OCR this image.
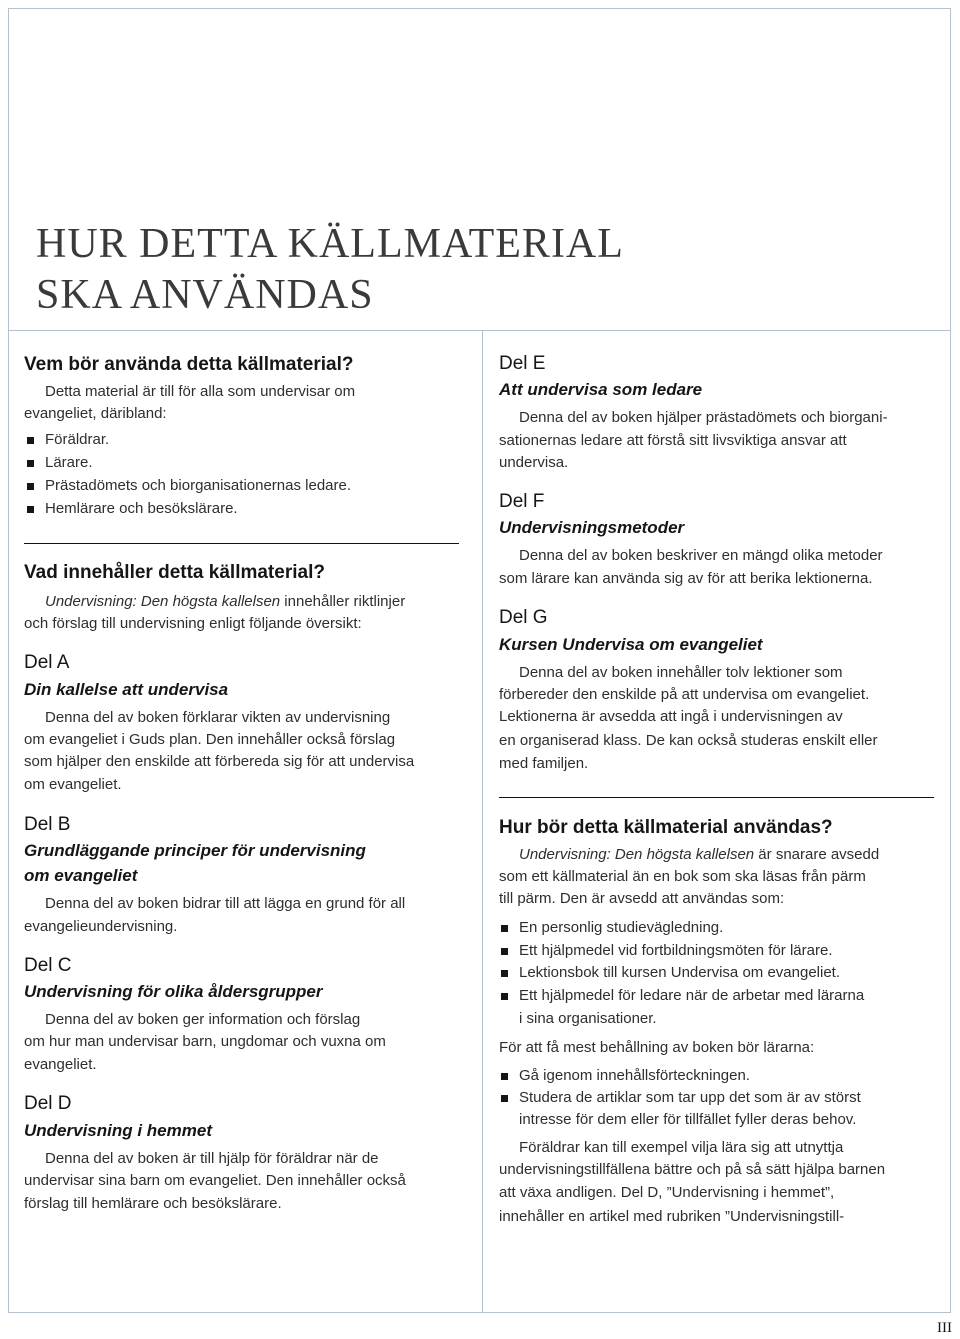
HUR DETTA KÄLLMATERIAL
SKA ANVÄNDAS
Vem bör använda detta källmaterial?
Detta material är till för alla som undervisar om
evangeliet, däribland:
Föräldrar.
Lärare.
Prästadömets och biorganisationernas ledare.
Hemlärare och besökslärare.
Vad innehåller detta källmaterial?
Undervisning: Den högsta kallelsen innehåller riktlinjer
och förslag till undervisning enligt följande översikt:
Del A
Din kallelse att undervisa
Denna del av boken förklarar vikten av undervisning
om evangeliet i Guds plan. Den innehåller också förslag
som hjälper den enskilde att förbereda sig för att undervisa
om evangeliet.
Del B
Grundläggande principer för undervisning
om evangeliet
Denna del av boken bidrar till att lägga en grund för all
evangelieundervisning.
Del C
Undervisning för olika åldersgrupper
Denna del av boken ger information och förslag
om hur man undervisar barn, ungdomar och vuxna om
evangeliet.
Del D
Undervisning i hemmet
Denna del av boken är till hjälp för föräldrar när de
undervisar sina barn om evangeliet. Den innehåller också
förslag till hemlärare och besökslärare.
Del E
Att undervisa som ledare
Denna del av boken hjälper prästadömets och biorgani-
sationernas ledare att förstå sitt livsviktiga ansvar att
undervisa.
Del F
Undervisningsmetoder
Denna del av boken beskriver en mängd olika metoder
som lärare kan använda sig av för att berika lektionerna.
Del G
Kursen Undervisa om evangeliet
Denna del av boken innehåller tolv lektioner som
förbereder den enskilde på att undervisa om evangeliet.
Lektionerna är avsedda att ingå i undervisningen av
en organiserad klass. De kan också studeras enskilt eller
med familjen.
Hur bör detta källmaterial användas?
Undervisning: Den högsta kallelsen är snarare avsedd
som ett källmaterial än en bok som ska läsas från pärm
till pärm. Den är avsedd att användas som:
En personlig studievägledning.
Ett hjälpmedel vid fortbildningsmöten för lärare.
Lektionsbok till kursen Undervisa om evangeliet.
Ett hjälpmedel för ledare när de arbetar med lärarna
i sina organisationer.
För att få mest behållning av boken bör lärarna:
Gå igenom innehållsförteckningen.
Studera de artiklar som tar upp det som är av störst
intresse för dem eller för tillfället fyller deras behov.
Föräldrar kan till exempel vilja lära sig att utnyttja
undervisningstillfällena bättre och på så sätt hjälpa barnen
att växa andligen. Del D, ”Undervisning i hemmet”,
innehåller en artikel med rubriken ”Undervisningstill-
III
